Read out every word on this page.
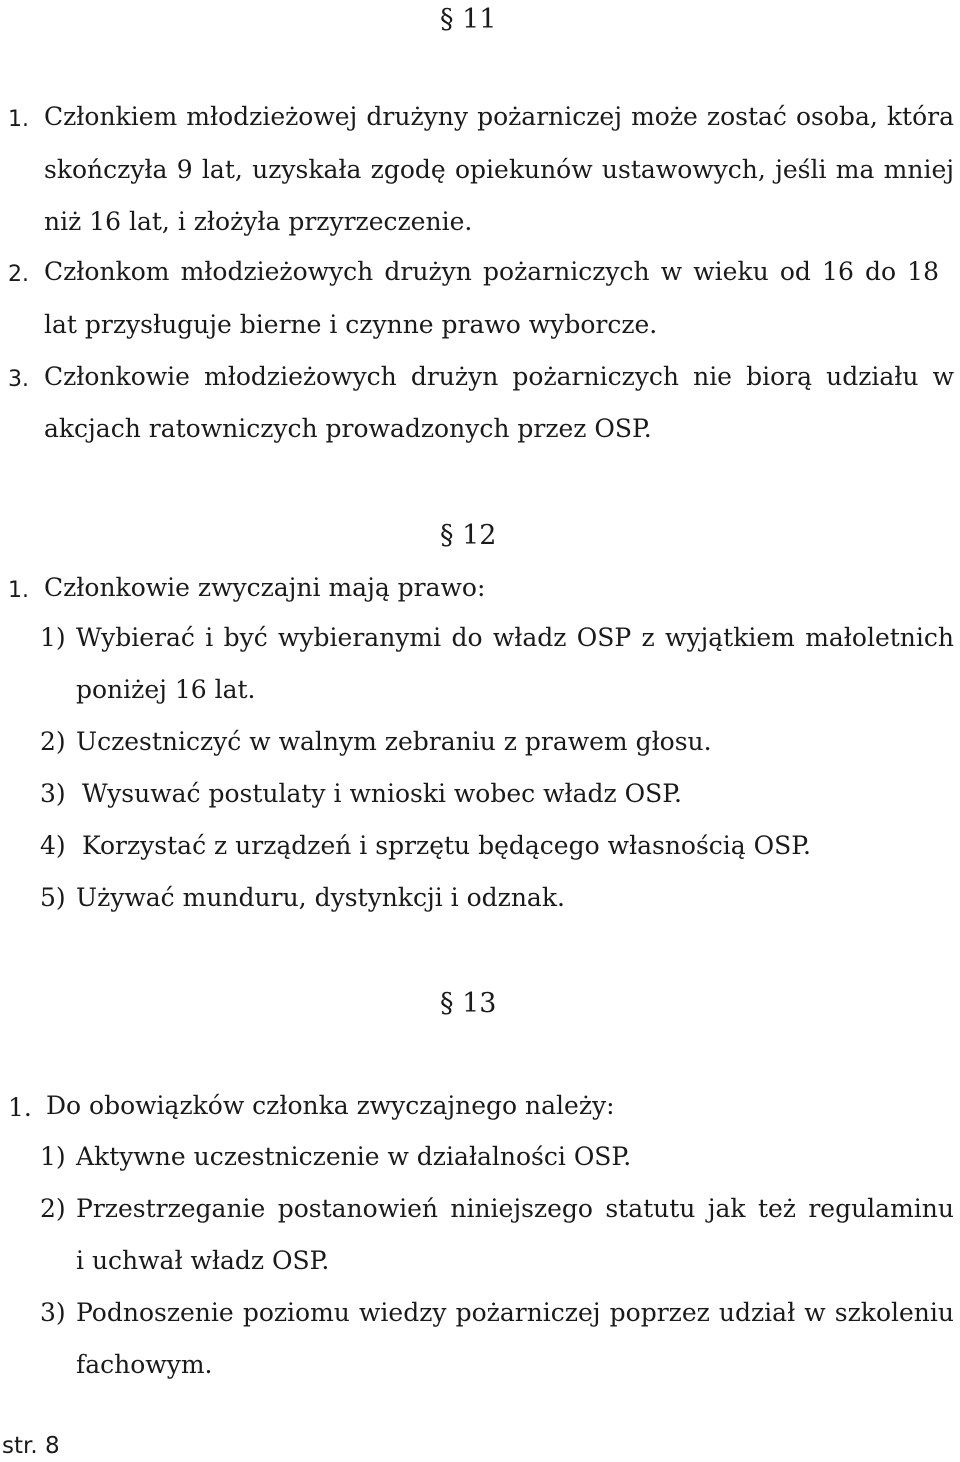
§ 11
1. Członkiem młodzieżowej drużyny pożarniczej może zostać osoba, która
skończyła 9 lat, uzyskała zgodę opiekunów ustawowych, jeśli ma mniej
niż 16 lat, i złożyła przyrzeczenie.
2. Członkom młodzieżowych drużyn pożarniczych w wieku od 16 do 18
lat przysługuje bierne i czynne prawo wyborcze.
3. Członkowie młodzieżowych drużyn pożarniczych nie biorą udziału w
akcjach ratowniczych prowadzonych przez OSP.
§ 12
1. Członkowie zwyczajni mają prawo:
1) Wybierać i być wybieranymi do władz OSP z wyjątkiem małoletnich
poniżej 16 lat.
2) Uczestniczyć w walnym zebraniu z prawem głosu.
3) Wysuwać postulaty i wnioski wobec władz OSP.
4) Korzystać z urządzeń i sprzętu będącego własnością OSP.
5) Używać munduru, dystynkcji i odznak.
§ 13
1. Do obowiązków członka zwyczajnego należy:
1) Aktywne uczestniczenie w działalności OSP.
2) Przestrzeganie postanowień niniejszego statutu jak też regulaminu
i uchwał władz OSP.
3) Podnoszenie poziomu wiedzy pożarniczej poprzez udział w szkoleniu
fachowym.
str. 8
